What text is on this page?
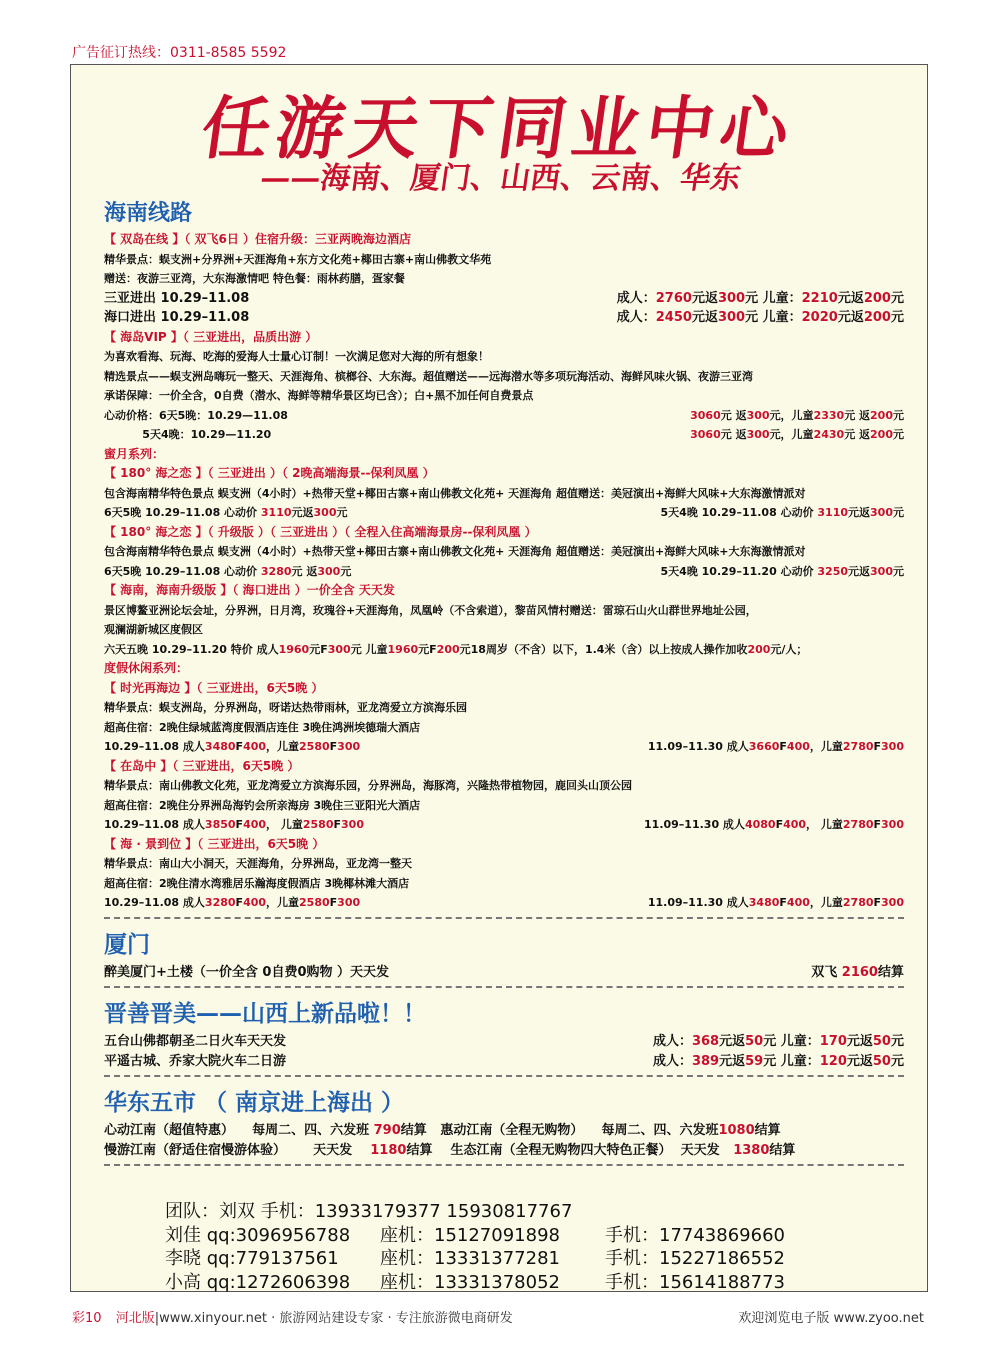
广告征订热线：0311-8585 5592
任游天下同业中心
——海南、厦门、山西、云南、华东
海南线路
【 双岛在线 】（ 双飞6日 ）住宿升级：三亚两晚海边酒店
精华景点：蜈支洲+分界洲+天涯海角+东方文化苑+椰田古寨+南山佛教文华苑
赠送：夜游三亚湾，大东海激情吧 特色餐：雨林药膳，疍家餐
三亚进出 10.29–11.08	成人：2760元返300元 儿童：2210元返200元
海口进出 10.29–11.08	成人：2450元返300元 儿童：2020元返200元
【 海岛VIP 】（ 三亚进出，品质出游 ）
为喜欢看海、玩海、吃海的爱海人士量心订制！一次满足您对大海的所有想象！
精选景点——蜈支洲岛嗨玩一整天、天涯海角、槟榔谷、大东海。超值赠送——远海潜水等多项玩海活动、海鲜风味火锅、夜游三亚湾
承诺保障：一价全含，0自费（潜水、海鲜等精华景区均已含）；白+黑不加任何自费景点
心动价格：6天5晚：10.29—11.08	3060元 返300元，儿童2330元 返200元
5天4晚：10.29—11.20	3060元 返300元，儿童2430元 返200元
蜜月系列：
【 180° 海之恋 】（ 三亚进出 ）（ 2晚高端海景--保利凤凰 ）
包含海南精华特色景点 蜈支洲（4小时）+热带天堂+椰田古寨+南山佛教文化苑+ 天涯海角 超值赠送：美冠演出+海鲜大风味+大东海激情派对
6天5晚 10.29–11.08 心动价 3110元返300元	5天4晚 10.29–11.08 心动价 3110元返300元
【 180° 海之恋 】（ 升级版 ）（ 三亚进出 ）（ 全程入住高端海景房--保利凤凰 ）
包含海南精华特色景点 蜈支洲（4小时）+热带天堂+椰田古寨+南山佛教文化苑+ 天涯海角 超值赠送：美冠演出+海鲜大风味+大东海激情派对
6天5晚 10.29–11.08 心动价 3280元 返300元	5天4晚 10.29–11.20 心动价 3250元返300元
【 海南，海南升级版 】（ 海口进出 ）一价全含 天天发
景区博鳌亚洲论坛会址，分界洲，日月湾，玫瑰谷+天涯海角，凤凰岭（不含索道），黎苗风情村赠送：雷琼石山火山群世界地址公园，
观澜湖新城区度假区
六天五晚 10.29–11.20 特价 成人1960元F300元 儿童1960元F200元18周岁（不含）以下，1.4米（含）以上按成人操作加收200元/人；
度假休闲系列：
【 时光再海边 】（ 三亚进出，6天5晚 ）
精华景点：蜈支洲岛，分界洲岛，呀诺达热带雨林，亚龙湾爱立方滨海乐园
超高住宿：2晚住绿城蓝湾度假酒店连住 3晚住鸿洲埃德瑞大酒店
10.29–11.08 成人3480F400，儿童2580F300	11.09–11.30 成人3660F400，儿童2780F300
【 在岛中 】（ 三亚进出，6天5晚 ）
精华景点：南山佛教文化苑，亚龙湾爱立方滨海乐园，分界洲岛，海豚湾，兴隆热带植物园，鹿回头山顶公园
超高住宿：2晚住分界洲岛海钓会所亲海房 3晚住三亚阳光大酒店
10.29–11.08 成人3850F400， 儿童2580F300	11.09–11.30 成人4080F400， 儿童2780F300
【 海 · 景到位 】（ 三亚进出，6天5晚 ）
精华景点：南山大小洞天，天涯海角，分界洲岛，亚龙湾一整天
超高住宿：2晚住清水湾雅居乐瀚海度假酒店 3晚椰林滩大酒店
10.29–11.08 成人3280F400，儿童2580F300	11.09–11.30 成人3480F400，儿童2780F300
厦门
醉美厦门+土楼（一价全含 0自费0购物 ）天天发	双飞 2160结算
晋善晋美——山西上新品啦！！
五台山佛都朝圣二日火车天天发	成人：368元返50元 儿童：170元返50元
平遥古城、乔家大院火车二日游	成人：389元返59元 儿童：120元返50元
华东五市 （ 南京进上海出 ）
心动江南（超值特惠）    每周二、四、六发班 790结算   惠动江南（全程无购物）    每周二、四、六发班1080结算
慢游江南（舒适住宿慢游体验）      天天发    1180结算    生态江南（全程无购物四大特色正餐）  天天发   1380结算
团队：刘双 手机：13933179377 15930817767
刘佳 qq:3096956788 座机：15127091898	手机：17743869660
李晓 qq:779137561 座机：13331377281	手机：15227186552
小高 qq:1272606398 座机：13331378052	手机：15614188773
彩10 河北版|www.xinyour.net · 旅游网站建设专家 · 专注旅游微电商研发	欢迎浏览电子版 www.zyoo.net
